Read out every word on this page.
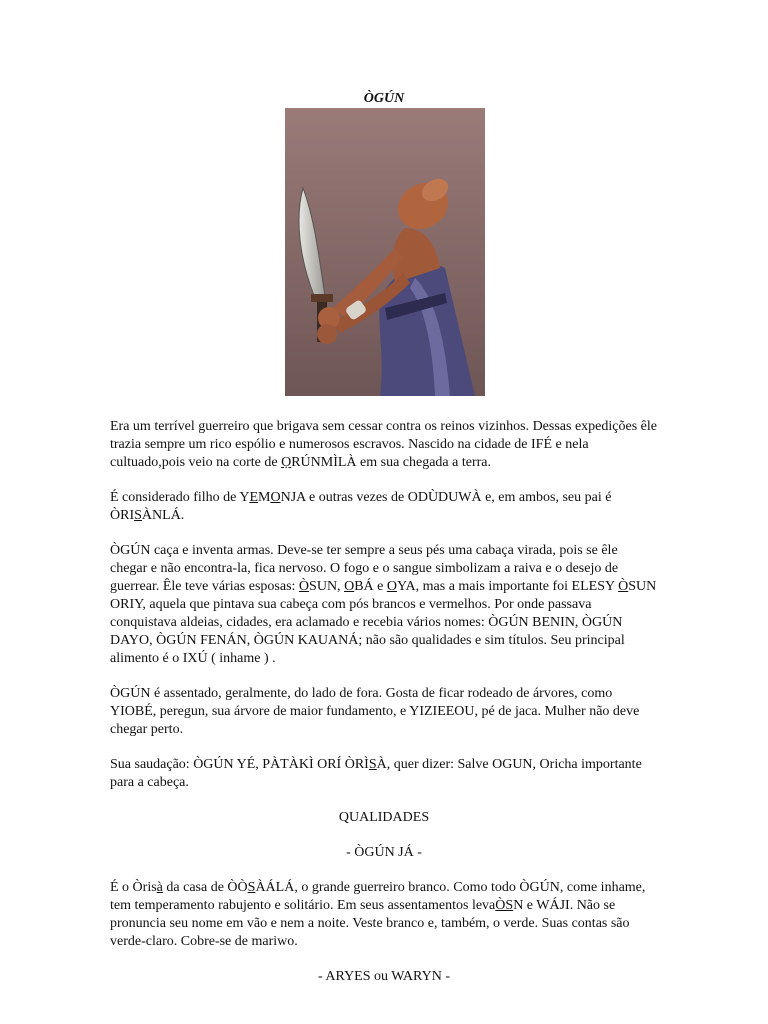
ÒGÚN

Era um terrível guerreiro que brigava sem cessar contra os reinos vizinhos. Dessas expedições êle trazia sempre um rico espólio e numerosos escravos. Nascido na cidade de IFÉ e nela cultuado,pois veio na corte de ỌRÚNMÌLÀ em sua chegada a terra.

É considerado filho de YEMONJA e outras vezes de ODÙDUWÀ e, em ambos, seu pai é ÒRISÀNLÁ.

ÒGÚN caça e inventa armas. Deve-se ter sempre a seus pés uma cabaça virada, pois se êle chegar e não encontra-la, fica nervoso. O fogo e o sangue simbolizam a raiva e o desejo de guerrear. Êle teve várias esposas: ÒSUN, OBÁ e OYA, mas a mais importante foi ELESY ÒSUN ORIY, aquela que pintava sua cabeça com pós brancos e vermelhos. Por onde passava conquistava aldeias, cidades, era aclamado e recebia vários nomes: ÒGÚN BENIN, ÒGÚN DAYO, ÒGÚN FENÁN, ÒGÚN KAUANÁ; não são qualidades e sim títulos. Seu principal alimento é o IXÚ ( inhame ) .

ÒGÚN é assentado, geralmente, do lado de fora. Gosta de ficar rodeado de árvores, como YIOBÉ, peregun, sua árvore de maior fundamento, e YIZIEEOU, pé de jaca. Mulher não deve chegar perto.

Sua saudação: ÒGÚN YÉ, PÀTÀKÌ ORÍ ÒRÌSÀ, quer dizer: Salve OGUN, Oricha importante para a cabeça.

QUALIDADES

- ÒGÚN JÁ -

É o Òrisà da casa de ÒÒSÀÁLÁ, o grande guerreiro branco. Como todo ÒGÚN, come inhame, tem temperamento rabujento e solitário. Em seus assentamentos levaÒSN e WÁJI. Não se pronuncia seu nome em vão e nem a noite. Veste branco e, também, o verde. Suas contas são verde-claro. Cobre-se de mariwo.

- ARYES ou WARYN -
